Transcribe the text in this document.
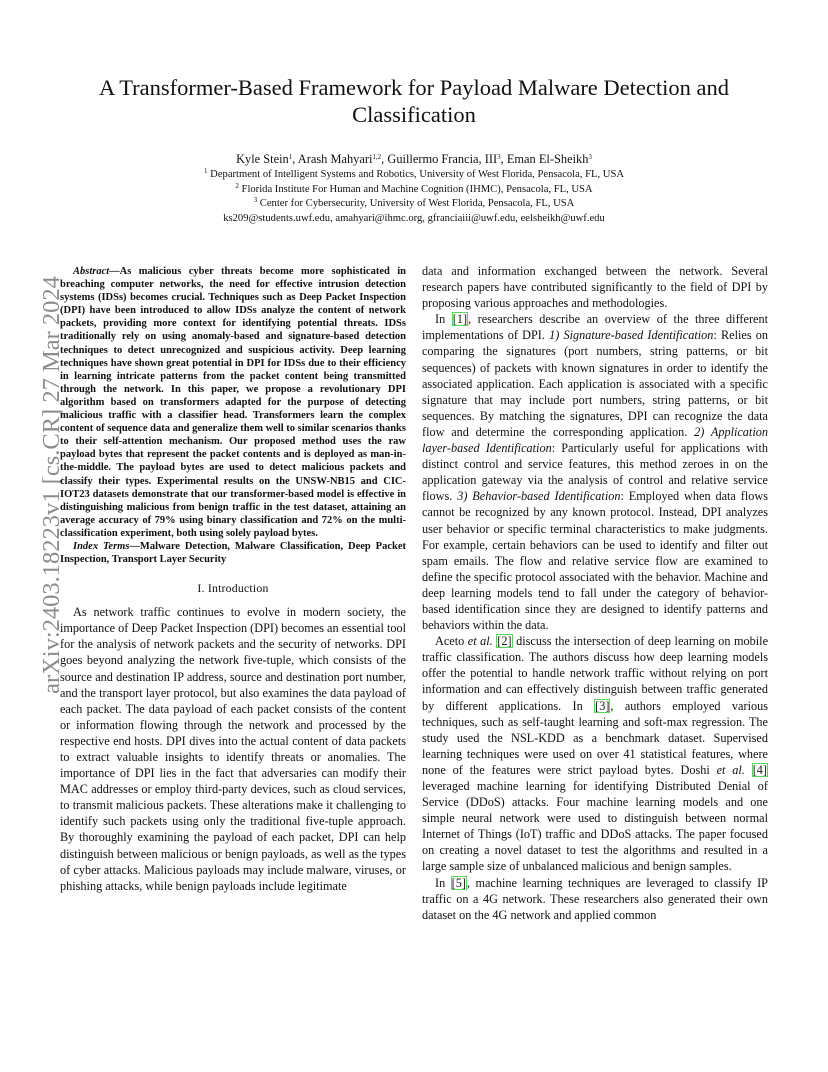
arXiv:2403.18223v1 [cs.CR] 27 Mar 2024
A Transformer-Based Framework for Payload Malware Detection and
Classification
Kyle Stein$^1$, Arash Mahyari$^{1,2}$, Guillermo Francia, III$^3$, Eman El-Sheikh$^3$
$^1$ Department of Intelligent Systems and Robotics, University of West Florida, Pensacola, FL, USA
$^2$ Florida Institute For Human and Machine Cognition (IHMC), Pensacola, FL, USA
$^3$ Center for Cybersecurity, University of West Florida, Pensacola, FL, USA
ks209@students.uwf.edu, amahyari@ihmc.org, gfranciaiii@uwf.edu, eelsheikh@uwf.edu

Abstract—As malicious cyber threats become more sophisticated in breaching computer networks, the need for effective intrusion detection systems (IDSs) becomes crucial. Techniques such as Deep Packet Inspection (DPI) have been introduced to allow IDSs analyze the content of network packets, providing more context for identifying potential threats. IDSs traditionally rely on using anomaly-based and signature-based detection techniques to detect unrecognized and suspicious activity. Deep learning techniques have shown great potential in DPI for IDSs due to their efficiency in learning intricate patterns from the packet content being transmitted through the network. In this paper, we propose a revolutionary DPI algorithm based on transformers adapted for the purpose of detecting malicious traffic with a classifier head. Transformers learn the complex content of sequence data and generalize them well to similar scenarios thanks to their self-attention mechanism. Our proposed method uses the raw payload bytes that represent the packet contents and is deployed as man-in-the-middle. The payload bytes are used to detect malicious packets and classify their types. Experimental results on the UNSW-NB15 and CIC-IOT23 datasets demonstrate that our transformer-based model is effective in distinguishing malicious from benign traffic in the test dataset, attaining an average accuracy of 79% using binary classification and 72% on the multi-classification experiment, both using solely payload bytes.

Index Terms—Malware Detection, Malware Classification, Deep Packet Inspection, Transport Layer Security

I. Introduction

As network traffic continues to evolve in modern society, the importance of Deep Packet Inspection (DPI) becomes an essential tool for the analysis of network packets and the security of networks. DPI goes beyond analyzing the network five-tuple, which consists of the source and destination IP address, source and destination port number, and the transport layer protocol, but also examines the data payload of each packet. The data payload of each packet consists of the content or information flowing through the network and processed by the respective end hosts. DPI dives into the actual content of data packets to extract valuable insights to identify threats or anomalies. The importance of DPI lies in the fact that adversaries can modify their MAC addresses or employ third-party devices, such as cloud services, to transmit malicious packets. These alterations make it challenging to identify such packets using only the traditional five-tuple approach. By thoroughly examining the payload of each packet, DPI can help distinguish between malicious or benign payloads, as well as the types of cyber attacks. Malicious payloads may include malware, viruses, or phishing attacks, while benign payloads include legitimate

data and information exchanged between the network. Several research papers have contributed significantly to the field of DPI by proposing various approaches and methodologies.

In [1], researchers describe an overview of the three different implementations of DPI. 1) Signature-based Identification: Relies on comparing the signatures (port numbers, string patterns, or bit sequences) of packets with known signatures in order to identify the associated application. Each application is associated with a specific signature that may include port numbers, string patterns, or bit sequences. By matching the signatures, DPI can recognize the data flow and determine the corresponding application. 2) Application layer-based Identification: Particularly useful for applications with distinct control and service features, this method zeroes in on the application gateway via the analysis of control and relative service flows. 3) Behavior-based Identification: Employed when data flows cannot be recognized by any known protocol. Instead, DPI analyzes user behavior or specific terminal characteristics to make judgments. For example, certain behaviors can be used to identify and filter out spam emails. The flow and relative service flow are examined to define the specific protocol associated with the behavior. Machine and deep learning models tend to fall under the category of behavior-based identification since they are designed to identify patterns and behaviors within the data.

Aceto et al. [2] discuss the intersection of deep learning on mobile traffic classification. The authors discuss how deep learning models offer the potential to handle network traffic without relying on port information and can effectively distinguish between traffic generated by different applications. In [3], authors employed various techniques, such as self-taught learning and soft-max regression. The study used the NSL-KDD as a benchmark dataset. Supervised learning techniques were used on over 41 statistical features, where none of the features were strict payload bytes. Doshi et al. [4] leveraged machine learning for identifying Distributed Denial of Service (DDoS) attacks. Four machine learning models and one simple neural network were used to distinguish between normal Internet of Things (IoT) traffic and DDoS attacks. The paper focused on creating a novel dataset to test the algorithms and resulted in a large sample size of unbalanced malicious and benign samples.

In [5], machine learning techniques are leveraged to classify IP traffic on a 4G network. These researchers also generated their own dataset on the 4G network and applied common
